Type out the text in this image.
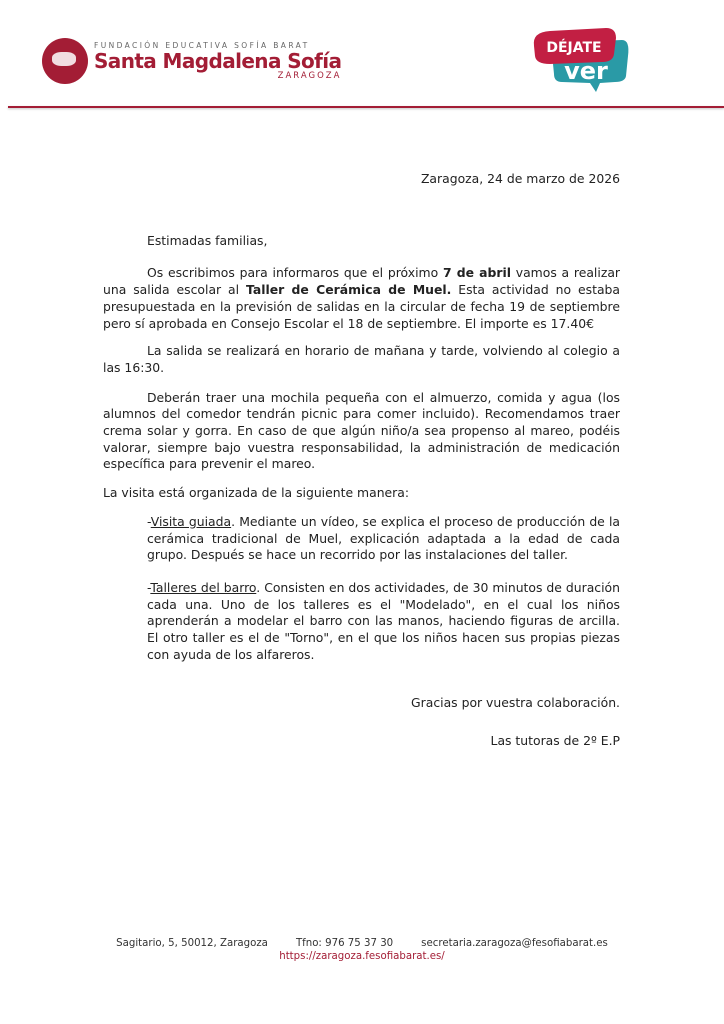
FUNDACIÓN EDUCATIVA SOFÍA BARAT
Santa Magdalena Sofía
ZARAGOZA
DÉJATE
ver

Zaragoza, 24 de marzo de 2026

Estimadas familias,

Os escribimos para informaros que el próximo 7 de abril vamos a realizar una salida escolar al Taller de Cerámica de Muel. Esta actividad no estaba presupuestada en la previsión de salidas en la circular de fecha 19 de septiembre pero sí aprobada en Consejo Escolar el 18 de septiembre. El importe es 17.40€

La salida se realizará en horario de mañana y tarde, volviendo al colegio a las 16:30.

Deberán traer una mochila pequeña con el almuerzo, comida y agua (los alumnos del comedor tendrán picnic para comer incluido). Recomendamos traer crema solar y gorra. En caso de que algún niño/a sea propenso al mareo, podéis valorar, siempre bajo vuestra responsabilidad, la administración de medicación específica para prevenir el mareo.

La visita está organizada de la siguiente manera:

-Visita guiada. Mediante un vídeo, se explica el proceso de producción de la cerámica tradicional de Muel, explicación adaptada a la edad de cada grupo. Después se hace un recorrido por las instalaciones del taller.

-Talleres del barro. Consisten en dos actividades, de 30 minutos de duración cada una. Uno de los talleres es el "Modelado", en el cual los niños aprenderán a modelar el barro con las manos, haciendo figuras de arcilla. El otro taller es el de "Torno", en el que los niños hacen sus propias piezas con ayuda de los alfareros.

Gracias por vuestra colaboración.

Las tutoras de 2º E.P

Sagitario, 5, 50012, Zaragoza	Tfno: 976 75 37 30	secretaria.zaragoza@fesofiabarat.es
https://zaragoza.fesofiabarat.es/
